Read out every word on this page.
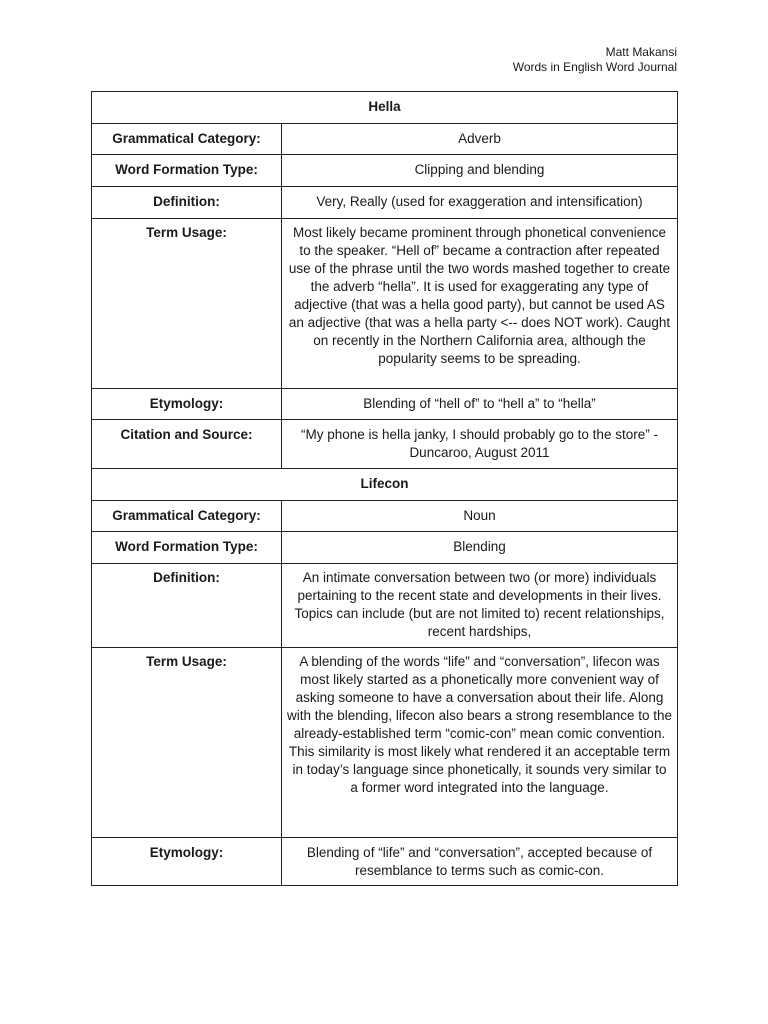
Matt Makansi
Words in English Word Journal
Hella	
Grammatical Category:	Adverb
Word Formation Type:	Clipping and blending
Definition:	Very, Really (used for exaggeration and intensification)
Term Usage:	Most likely became prominent through phonetical convenience to the speaker. “Hell of” became a contraction after repeated use of the phrase until the two words mashed together to create the adverb “hella”. It is used for exaggerating any type of adjective (that was a hella good party), but cannot be used AS an adjective (that was a hella party <-- does NOT work). Caught on recently in the Northern California area, although the popularity seems to be spreading.
Etymology:	Blending of “hell of” to “hell a” to “hella”
Citation and Source:	“My phone is hella janky, I should probably go to the store” - Duncaroo, August 2011
Lifecon	
Grammatical Category:	Noun
Word Formation Type:	Blending
Definition:	An intimate conversation between two (or more) individuals pertaining to the recent state and developments in their lives. Topics can include (but are not limited to) recent relationships, recent hardships,
Term Usage:	A blending of the words “life” and “conversation”, lifecon was most likely started as a phonetically more convenient way of asking someone to have a conversation about their life. Along with the blending, lifecon also bears a strong resemblance to the already-established term “comic-con” mean comic convention. This similarity is most likely what rendered it an acceptable term in today’s language since phonetically, it sounds very similar to a former word integrated into the language.
Etymology:	Blending of “life” and “conversation”, accepted because of resemblance to terms such as comic-con.
